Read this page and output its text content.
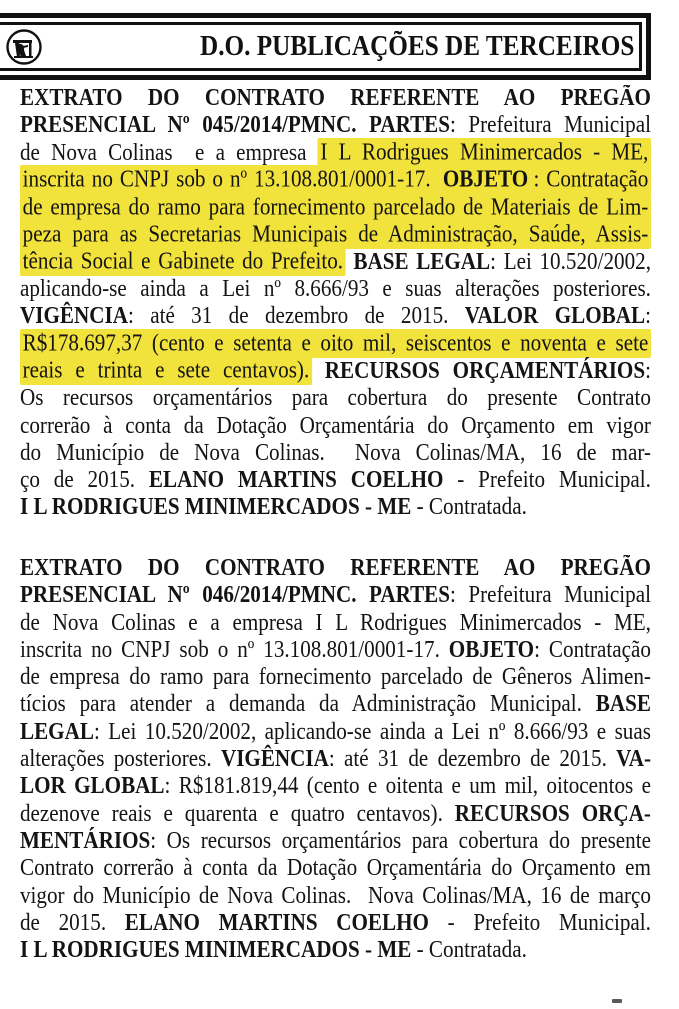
D.O. PUBLICAÇÕES DE TERCEIROS
EXTRATO DO CONTRATO REFERENTE AO PREGÃO
PRESENCIAL Nº 045/2014/PMNC. PARTES: Prefeitura Municipal
de Nova Colinas  e a empresa I L Rodrigues Minimercados - ME,
inscrita no CNPJ sob o nº 13.108.801/0001-17. OBJETO : Contratação
de empresa do ramo para fornecimento parcelado de Materiais de Lim-
peza para as Secretarias Municipais de Administração, Saúde, Assis-
tência Social e Gabinete do Prefeito. BASE LEGAL: Lei 10.520/2002,
aplicando-se ainda a Lei nº 8.666/93 e suas alterações posteriores.
VIGÊNCIA: até 31 de dezembro de 2015. VALOR GLOBAL:
R$178.697,37 (cento e setenta e oito mil, seiscentos e noventa e sete
reais e trinta e sete centavos). RECURSOS ORÇAMENTÁRIOS:
Os recursos orçamentários para cobertura do presente Contrato
correrão à conta da Dotação Orçamentária do Orçamento em vigor
do Município de Nova Colinas.  Nova Colinas/MA, 16 de mar-
ço de 2015. ELANO MARTINS COELHO - Prefeito Municipal.
I L RODRIGUES MINIMERCADOS - ME - Contratada.
EXTRATO DO CONTRATO REFERENTE AO PREGÃO
PRESENCIAL Nº 046/2014/PMNC. PARTES: Prefeitura Municipal
de Nova Colinas e a empresa I L Rodrigues Minimercados - ME,
inscrita no CNPJ sob o nº 13.108.801/0001-17. OBJETO: Contratação
de empresa do ramo para fornecimento parcelado de Gêneros Alimen-
tícios para atender a demanda da Administração Municipal. BASE
LEGAL: Lei 10.520/2002, aplicando-se ainda a Lei nº 8.666/93 e suas
alterações posteriores. VIGÊNCIA: até 31 de dezembro de 2015. VA-
LOR GLOBAL: R$181.819,44 (cento e oitenta e um mil, oitocentos e
dezenove reais e quarenta e quatro centavos). RECURSOS ORÇA-
MENTÁRIOS: Os recursos orçamentários para cobertura do presente
Contrato correrão à conta da Dotação Orçamentária do Orçamento em
vigor do Município de Nova Colinas.  Nova Colinas/MA, 16 de março
de 2015. ELANO MARTINS COELHO - Prefeito Municipal.
I L RODRIGUES MINIMERCADOS - ME - Contratada.
